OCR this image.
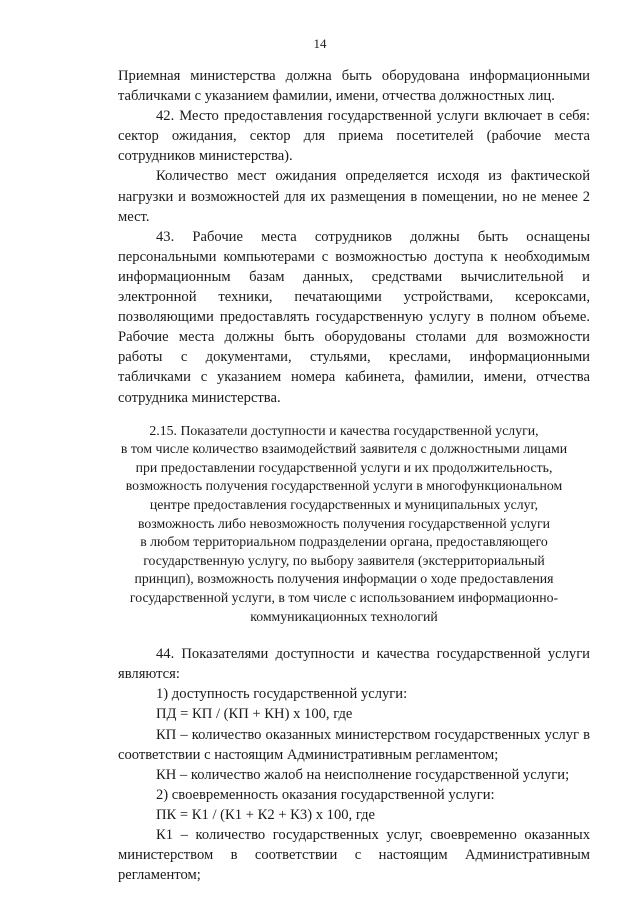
14

Приемная министерства должна быть оборудована информационными табличками с указанием фамилии, имени, отчества должностных лиц.

42. Место предоставления государственной услуги включает в себя: сектор ожидания, сектор для приема посетителей (рабочие места сотрудников министерства).

Количество мест ожидания определяется исходя из фактической нагрузки и возможностей для их размещения в помещении, но не менее 2 мест.

43. Рабочие места сотрудников должны быть оснащены персональными компьютерами с возможностью доступа к необходимым информационным базам данных, средствами вычислительной и электронной техники, печатающими устройствами, ксероксами, позволяющими предоставлять государственную услугу в полном объеме. Рабочие места должны быть оборудованы столами для возможности работы с документами, стульями, креслами, информационными табличками с указанием номера кабинета, фамилии, имени, отчества сотрудника министерства.

2.15. Показатели доступности и качества государственной услуги,
в том числе количество взаимодействий заявителя с должностными лицами
при предоставлении государственной услуги и их продолжительность,
возможность получения государственной услуги в многофункциональном
центре предоставления государственных и муниципальных услуг,
возможность либо невозможность получения государственной услуги
в любом территориальном подразделении органа, предоставляющего
государственную услугу, по выбору заявителя (экстерриториальный
принцип), возможность получения информации о ходе предоставления
государственной услуги, в том числе с использованием информационно-
коммуникационных технологий

44. Показателями доступности и качества государственной услуги являются:

1) доступность государственной услуги:

ПД = КП / (КП + КН) х 100, где

КП – количество оказанных министерством государственных услуг в соответствии с настоящим Административным регламентом;

КН – количество жалоб на неисполнение государственной услуги;

2) своевременность оказания государственной услуги:

ПК = К1 / (К1 + К2 + К3) х 100, где

К1 – количество государственных услуг, своевременно оказанных министерством в соответствии с настоящим Административным регламентом;
